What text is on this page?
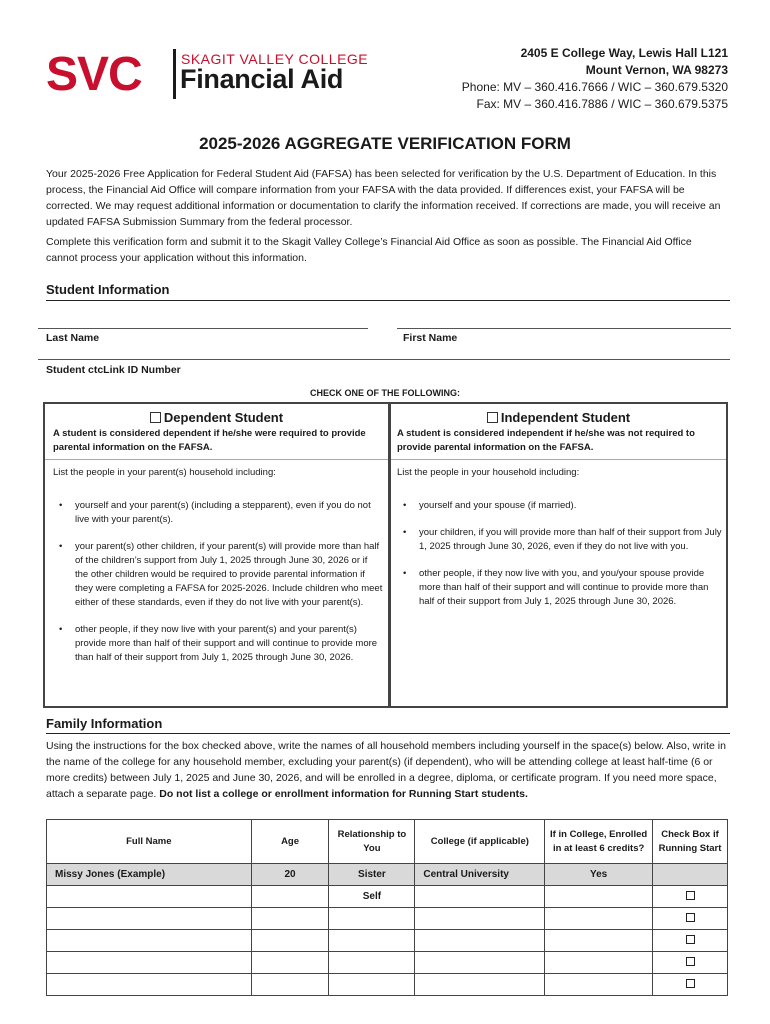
SVC	SKAGIT VALLEY COLLEGE
Financial Aid
2405 E College Way, Lewis Hall L121
Mount Vernon, WA 98273
Phone: MV – 360.416.7666 / WIC – 360.679.5320
Fax: MV – 360.416.7886 / WIC – 360.679.5375
2025-2026 AGGREGATE VERIFICATION FORM
Your 2025-2026 Free Application for Federal Student Aid (FAFSA) has been selected for verification by the U.S. Department of Education. In this process, the Financial Aid Office will compare information from your FAFSA with the data provided. If differences exist, your FAFSA will be corrected. We may request additional information or documentation to clarify the information received. If corrections are made, you will receive an updated FAFSA Submission Summary from the federal processor.
Complete this verification form and submit it to the Skagit Valley College’s Financial Aid Office as soon as possible. The Financial Aid Office cannot process your application without this information.
Student Information
Last Name	First Name
Student ctcLink ID Number
CHECK ONE OF THE FOLLOWING:
Dependent Student
A student is considered dependent if he/she were required to provide parental information on the FAFSA.
List the people in your parent(s) household including:
• yourself and your parent(s) (including a stepparent), even if you do not live with your parent(s).
• your parent(s) other children, if your parent(s) will provide more than half of the children’s support from July 1, 2025 through June 30, 2026 or if the other children would be required to provide parental information if they were completing a FAFSA for 2025-2026. Include children who meet either of these standards, even if they do not live with your parent(s).
• other people, if they now live with your parent(s) and your parent(s) provide more than half of their support and will continue to provide more than half of their support from July 1, 2025 through June 30, 2026.
Independent Student
A student is considered independent if he/she was not required to provide parental information on the FAFSA.
List the people in your household including:
• yourself and your spouse (if married).
• your children, if you will provide more than half of their support from July 1, 2025 through June 30, 2026, even if they do not live with you.
• other people, if they now live with you, and you/your spouse provide more than half of their support and will continue to provide more than half of their support from July 1, 2025 through June 30, 2026.
Family Information
Using the instructions for the box checked above, write the names of all household members including yourself in the space(s) below. Also, write in the name of the college for any household member, excluding your parent(s) (if dependent), who will be attending college at least half-time (6 or more credits) between July 1, 2025 and June 30, 2026, and will be enrolled in a degree, diploma, or certificate program. If you need more space, attach a separate page. Do not list a college or enrollment information for Running Start students.
Full Name	Age	Relationship to You	College (if applicable)	If in College, Enrolled in at least 6 credits?	Check Box if Running Start
Missy Jones (Example)	20	Sister	Central University	Yes	
		Self			
